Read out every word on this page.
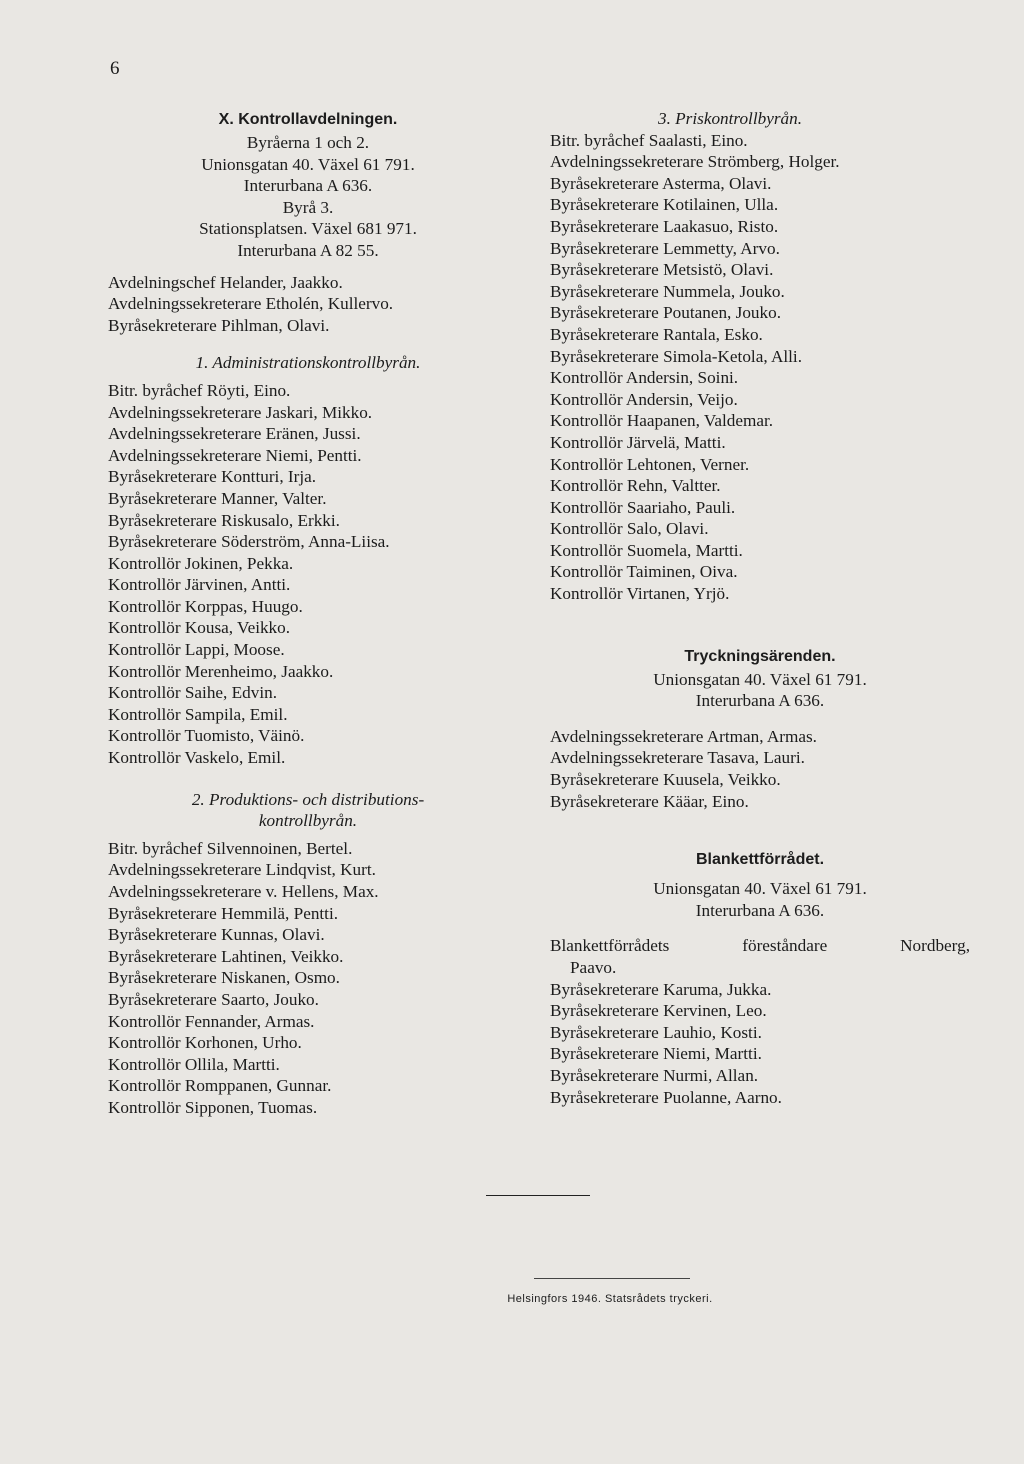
6
X. Kontrollavdelningen.
Byråerna 1 och 2.
Unionsgatan 40. Växel 61 791.
Interurbana A 636.
Byrå 3.
Stationsplatsen. Växel 681 971.
Interurbana A 82 55.
Avdelningschef Helander, Jaakko.
Avdelningssekreterare Etholén, Kullervo.
Byråsekreterare Pihlman, Olavi.
1. Administrationskontrollbyrån.
Bitr. byråchef Röyti, Eino.
Avdelningssekreterare Jaskari, Mikko.
Avdelningssekreterare Eränen, Jussi.
Avdelningssekreterare Niemi, Pentti.
Byråsekreterare Kontturi, Irja.
Byråsekreterare Manner, Valter.
Byråsekreterare Riskusalo, Erkki.
Byråsekreterare Söderström, Anna-Liisa.
Kontrollör Jokinen, Pekka.
Kontrollör Järvinen, Antti.
Kontrollör Korppas, Huugo.
Kontrollör Kousa, Veikko.
Kontrollör Lappi, Moose.
Kontrollör Merenheimo, Jaakko.
Kontrollör Saihe, Edvin.
Kontrollör Sampila, Emil.
Kontrollör Tuomisto, Väinö.
Kontrollör Vaskelo, Emil.
2. Produktions- och distributions-
kontrollbyrån.
Bitr. byråchef Silvennoinen, Bertel.
Avdelningssekreterare Lindqvist, Kurt.
Avdelningssekreterare v. Hellens, Max.
Byråsekreterare Hemmilä, Pentti.
Byråsekreterare Kunnas, Olavi.
Byråsekreterare Lahtinen, Veikko.
Byråsekreterare Niskanen, Osmo.
Byråsekreterare Saarto, Jouko.
Kontrollör Fennander, Armas.
Kontrollör Korhonen, Urho.
Kontrollör Ollila, Martti.
Kontrollör Romppanen, Gunnar.
Kontrollör Sipponen, Tuomas.
3. Priskontrollbyrån.
Bitr. byråchef Saalasti, Eino.
Avdelningssekreterare Strömberg, Holger.
Byråsekreterare Asterma, Olavi.
Byråsekreterare Kotilainen, Ulla.
Byråsekreterare Laakasuo, Risto.
Byråsekreterare Lemmetty, Arvo.
Byråsekreterare Metsistö, Olavi.
Byråsekreterare Nummela, Jouko.
Byråsekreterare Poutanen, Jouko.
Byråsekreterare Rantala, Esko.
Byråsekreterare Simola-Ketola, Alli.
Kontrollör Andersin, Soini.
Kontrollör Andersin, Veijo.
Kontrollör Haapanen, Valdemar.
Kontrollör Järvelä, Matti.
Kontrollör Lehtonen, Verner.
Kontrollör Rehn, Valtter.
Kontrollör Saariaho, Pauli.
Kontrollör Salo, Olavi.
Kontrollör Suomela, Martti.
Kontrollör Taiminen, Oiva.
Kontrollör Virtanen, Yrjö.
Tryckningsärenden.
Unionsgatan 40. Växel 61 791.
Interurbana A 636.
Avdelningssekreterare Artman, Armas.
Avdelningssekreterare Tasava, Lauri.
Byråsekreterare Kuusela, Veikko.
Byråsekreterare Kääar, Eino.
Blankettförrådet.
Unionsgatan 40. Växel 61 791.
Interurbana A 636.
Blankettförrådets	föreståndare	Nordberg,
Paavo.
Byråsekreterare Karuma, Jukka.
Byråsekreterare Kervinen, Leo.
Byråsekreterare Lauhio, Kosti.
Byråsekreterare Niemi, Martti.
Byråsekreterare Nurmi, Allan.
Byråsekreterare Puolanne, Aarno.
Helsingfors 1946. Statsrådets tryckeri.
